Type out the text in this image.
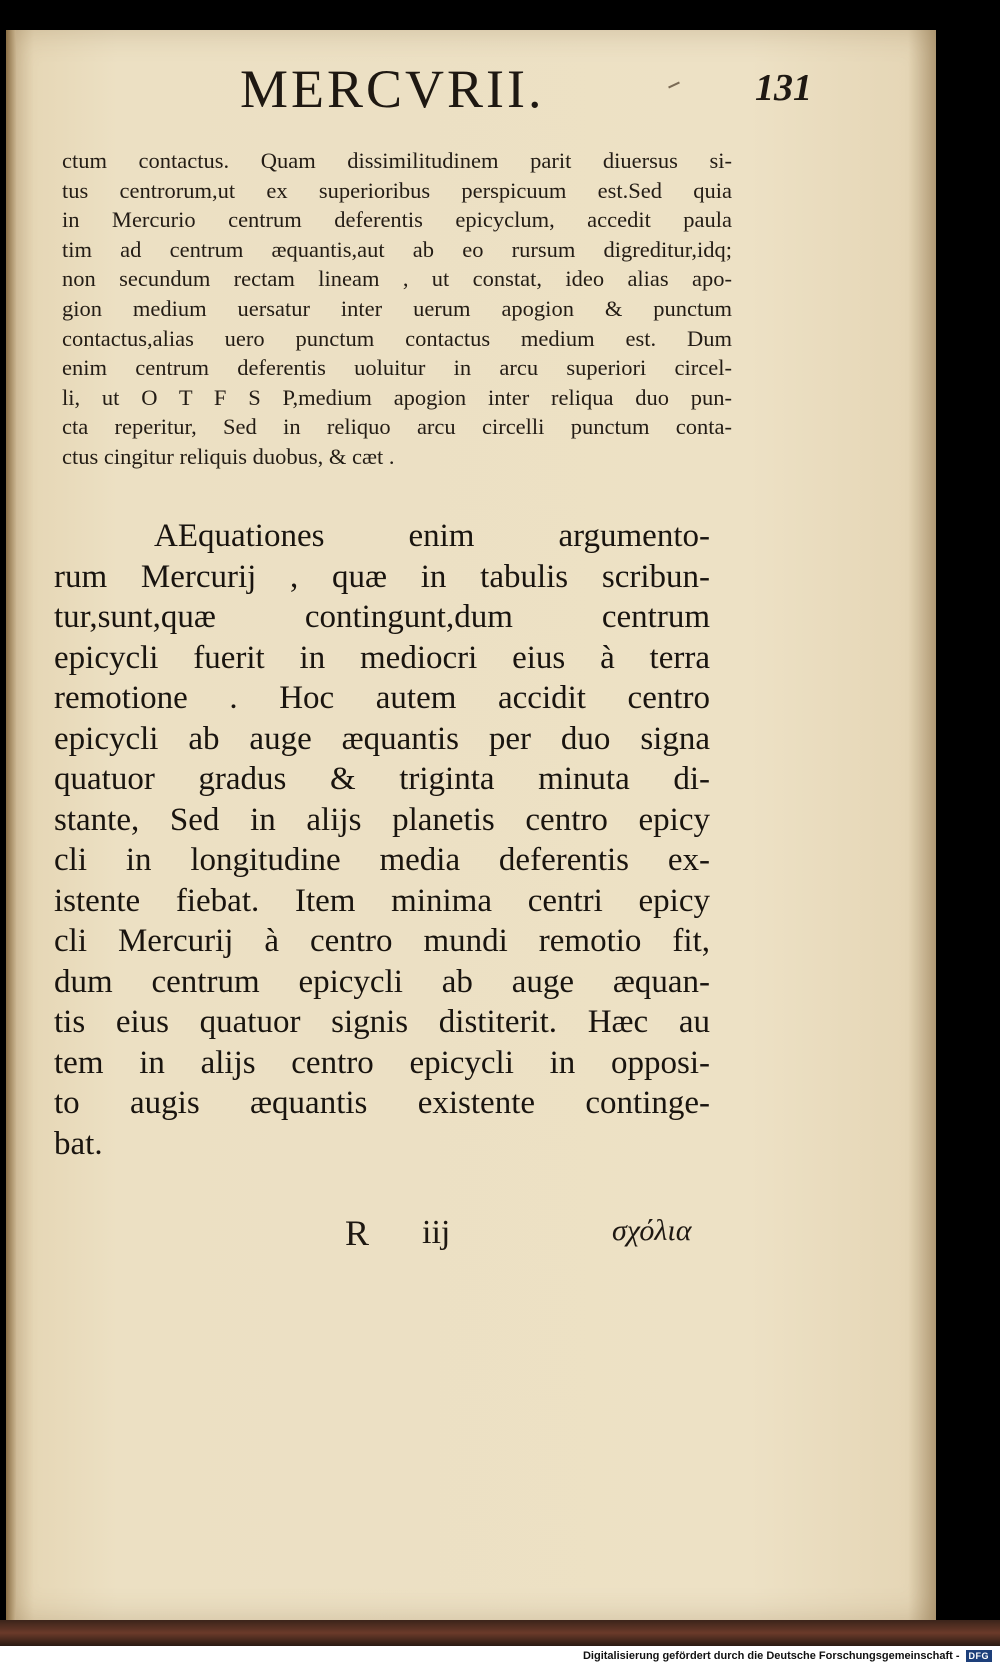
MERCVRII.	131
ctum contactus. Quam dissimilitudinem parit diuersus si-
tus centrorum,ut ex superioribus perspicuum est.Sed quia
in Mercurio centrum deferentis epicyclum, accedit paula
tim ad centrum æquantis,aut ab eo rursum digreditur,idq;
non secundum rectam lineam , ut constat, ideo alias apo-
gion medium uersatur inter uerum apogion & punctum
contactus,alias uero punctum contactus medium est. Dum
enim centrum deferentis uoluitur in arcu superiori circel-
li, ut O T F S P,medium apogion inter reliqua duo pun-
cta reperitur, Sed in reliquo arcu circelli punctum conta-
ctus cingitur reliquis duobus, & cæt .
AEquationes enim argumento-
rum Mercurij , quæ in tabulis scribun-
tur,sunt,quæ contingunt,dum centrum
epicycli fuerit in mediocri eius à terra
remotione . Hoc autem accidit centro
epicycli ab auge æquantis per duo signa
quatuor gradus & triginta minuta di-
stante, Sed in alijs planetis centro epicy
cli in longitudine media deferentis ex-
istente fiebat. Item minima centri epicy
cli Mercurij à centro mundi remotio fit,
dum centrum epicycli ab auge æquan-
tis eius quatuor signis distiterit. Hæc au
tem in alijs centro epicycli in opposi-
to augis æquantis existente continge-
bat.
R iij	σχόλια
Digitalisierung gefördert durch die Deutsche Forschungsgemeinschaft -	DFG
